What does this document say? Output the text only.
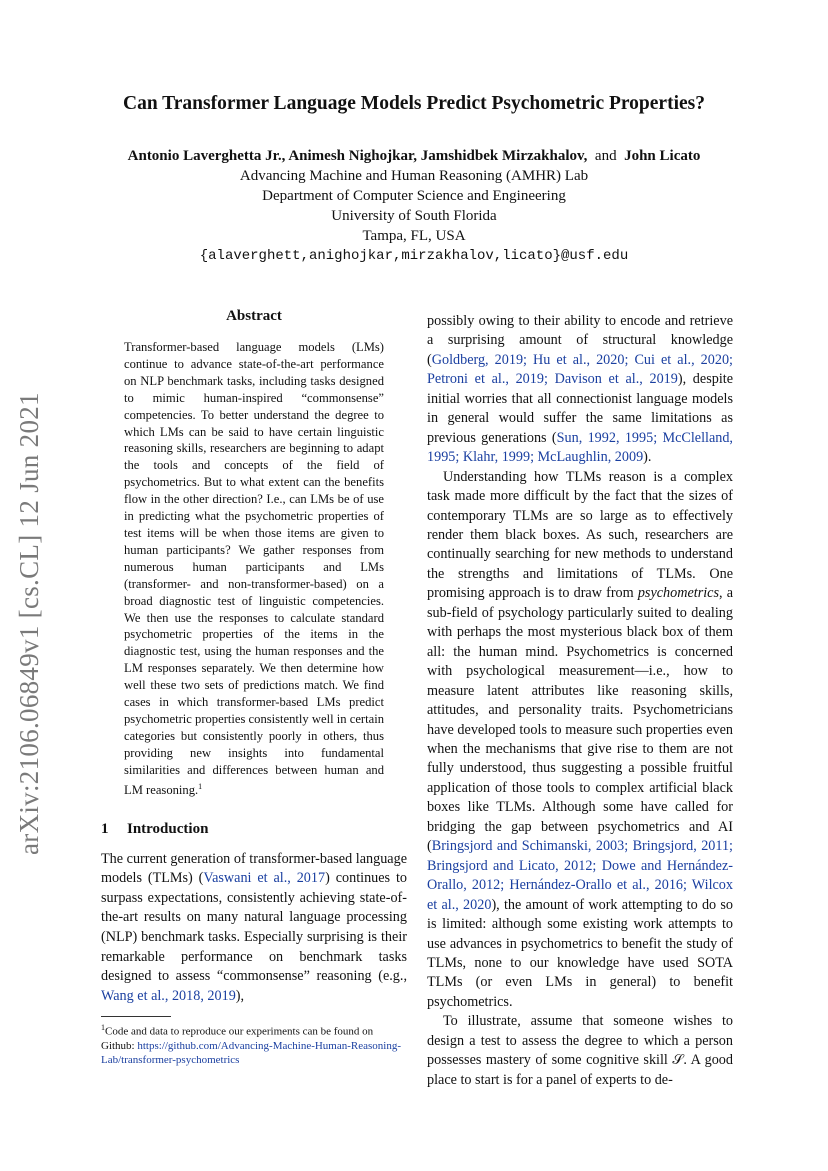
arXiv:2106.06849v1 [cs.CL] 12 Jun 2021
Can Transformer Language Models Predict Psychometric Properties?
Antonio Laverghetta Jr., Animesh Nighojkar, Jamshidbek Mirzakhalov, and John Licato
Advancing Machine and Human Reasoning (AMHR) Lab
Department of Computer Science and Engineering
University of South Florida
Tampa, FL, USA
{alaverghett,anighojkar,mirzakhalov,licato}@usf.edu
Abstract
Transformer-based language models (LMs) continue to advance state-of-the-art performance on NLP benchmark tasks, including tasks designed to mimic human-inspired “commonsense” competencies. To better understand the degree to which LMs can be said to have certain linguistic reasoning skills, researchers are beginning to adapt the tools and concepts of the field of psychometrics. But to what extent can the benefits flow in the other direction? I.e., can LMs be of use in predicting what the psychometric properties of test items will be when those items are given to human participants? We gather responses from numerous human participants and LMs (transformer- and non-transformer-based) on a broad diagnostic test of linguistic competencies. We then use the responses to calculate standard psychometric properties of the items in the diagnostic test, using the human responses and the LM responses separately. We then determine how well these two sets of predictions match. We find cases in which transformer-based LMs predict psychometric properties consistently well in certain categories but consistently poorly in others, thus providing new insights into fundamental similarities and differences between human and LM reasoning.$^1$
1 Introduction
The current generation of transformer-based language models (TLMs) (Vaswani et al., 2017) continues to surpass expectations, consistently achieving state-of-the-art results on many natural language processing (NLP) benchmark tasks. Especially surprising is their remarkable performance on benchmark tasks designed to assess “commonsense” reasoning (e.g., Wang et al., 2018, 2019),

possibly owing to their ability to encode and retrieve a surprising amount of structural knowledge (Goldberg, 2019; Hu et al., 2020; Cui et al., 2020; Petroni et al., 2019; Davison et al., 2019), despite initial worries that all connectionist language models in general would suffer the same limitations as previous generations (Sun, 1992, 1995; McClelland, 1995; Klahr, 1999; McLaughlin, 2009).

Understanding how TLMs reason is a complex task made more difficult by the fact that the sizes of contemporary TLMs are so large as to effectively render them black boxes. As such, researchers are continually searching for new methods to understand the strengths and limitations of TLMs. One promising approach is to draw from psychometrics, a sub-field of psychology particularly suited to dealing with perhaps the most mysterious black box of them all: the human mind. Psychometrics is concerned with psychological measurement—i.e., how to measure latent attributes like reasoning skills, attitudes, and personality traits. Psychometricians have developed tools to measure such properties even when the mechanisms that give rise to them are not fully understood, thus suggesting a possible fruitful application of those tools to complex artificial black boxes like TLMs. Although some have called for bridging the gap between psychometrics and AI (Bringsjord and Schimanski, 2003; Bringsjord, 2011; Bringsjord and Licato, 2012; Dowe and Hernández-Orallo, 2012; Hernández-Orallo et al., 2016; Wilcox et al., 2020), the amount of work attempting to do so is limited: although some existing work attempts to use advances in psychometrics to benefit the study of TLMs, none to our knowledge have used SOTA TLMs (or even LMs in general) to benefit psychometrics.

To illustrate, assume that someone wishes to design a test to assess the degree to which a person possesses mastery of some cognitive skill 𝒮. A good place to start is for a panel of experts to de-

$^1$Code and data to reproduce our experiments can be found on Github: https://github.com/Advancing-Machine-Human-Reasoning-Lab/transformer-psychometrics
